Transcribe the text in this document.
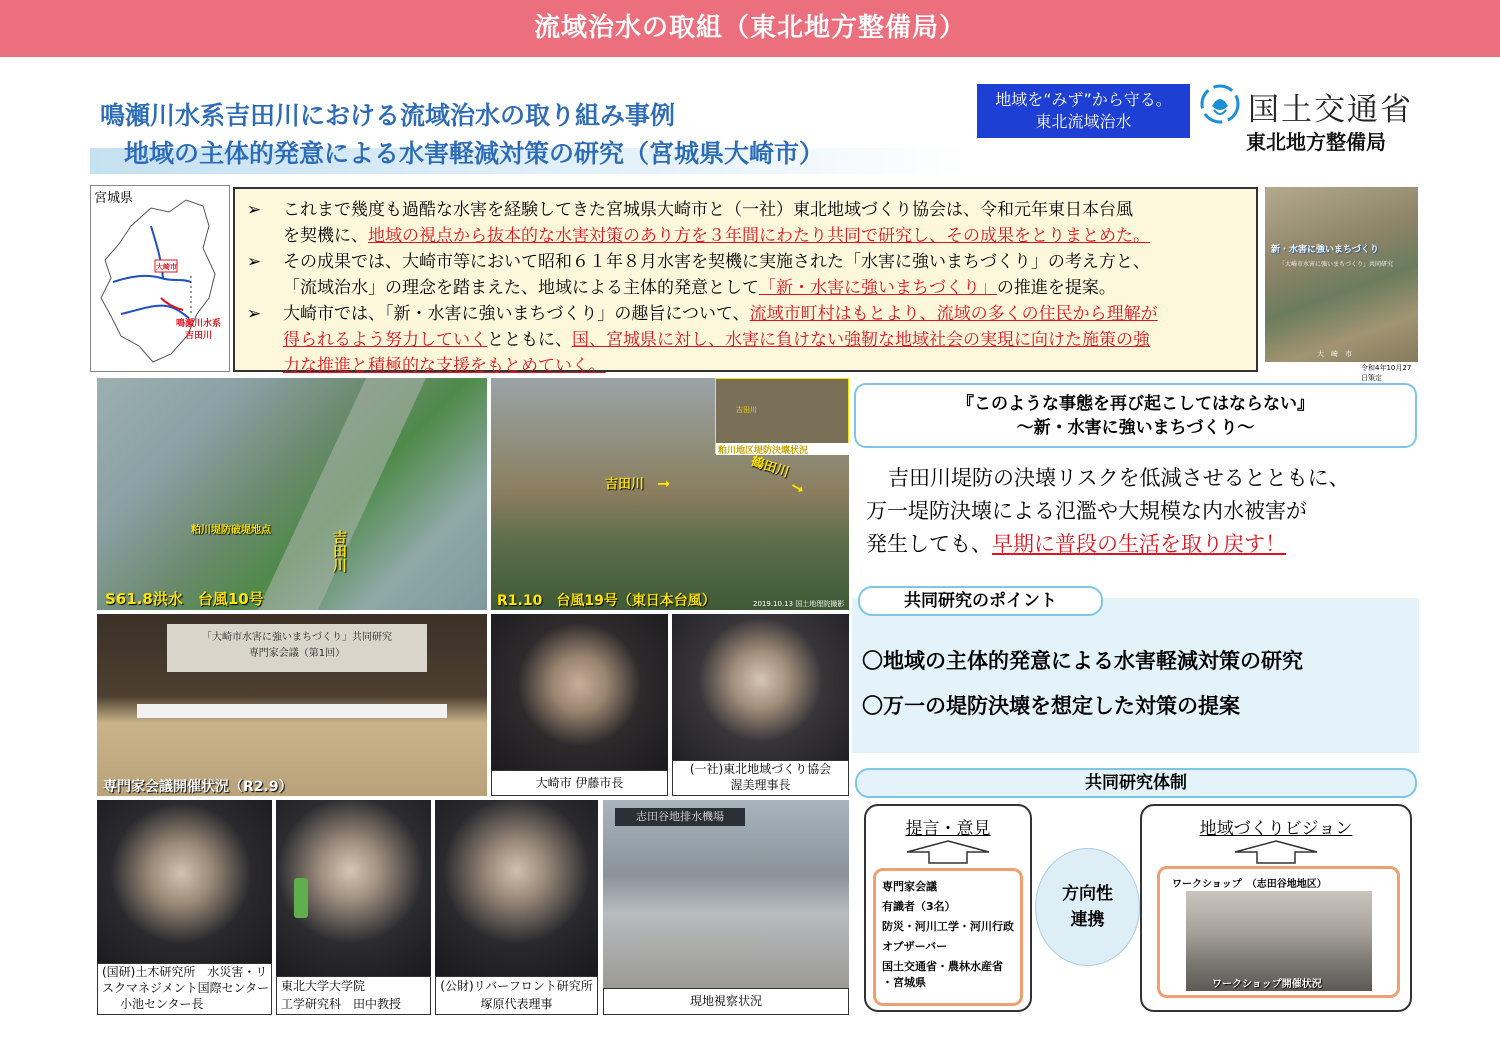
流域治水の取組（東北地方整備局）
鳴瀬川水系吉田川における流域治水の取り組み事例
地域の主体的発意による水害軽減対策の研究（宮城県大崎市）
地域を“みず”から守る。
東北流域治水	国土交通省
東北地方整備局
宮城県
大崎市
鳴瀬川水系
吉田川
➢	これまで幾度も過酷な水害を経験してきた宮城県大崎市と（一社）東北地域づくり協会は、令和元年東日本台風
を契機に、地域の視点から抜本的な水害対策のあり方を３年間にわたり共同で研究し、その成果をとりまとめた。
➢	その成果では、大崎市等において昭和６１年８月水害を契機に実施された「水害に強いまちづくり」の考え方と、
「流域治水」の理念を踏まえた、地域による主体的発意として「新・水害に強いまちづくり」の推進を提案。
➢	大崎市では、「新・水害に強いまちづくり」の趣旨について、流域市町村はもとより、流域の多くの住民から理解が
得られるよう努力していくとともに、国、宮城県に対し、水害に負けない強靭な地域社会の実現に向けた施策の強
力な推進と積極的な支援をもとめていく。
新・水害に強いまちづくり
「大崎市水害に強いまちづくり」共同研究
大　崎　市
令和4年10月27日策定
粕川堤防破堤地点	吉田川
S61.8洪水　台風10号
粕川地区堤防決壊状況
吉田川
吉田川 ➞
鶴田川
➞
R1.10　台風19号（東日本台風）	2019.10.13 国土地理院撮影
「大崎市水害に強いまちづくり」共同研究
専門家会議（第1回）
専門家会議開催状況（R2.9）	大崎市 伊藤市長
(一社)東北地域づくり協会
渥美理事長
(国研)土木研究所　水災害・リ
スクマネジメント国際センター
小池センター長
東北大学大学院
工学研究科　田中教授
(公財)リバーフロント研究所
塚原代表理事
志田谷地排水機場
現地視察状況
『このような事態を再び起こしてはならない』
～新・水害に強いまちづくり～
吉田川堤防の決壊リスクを低減させるとともに、
万一堤防決壊による氾濫や大規模な内水被害が
発生しても、早期に普段の生活を取り戻す！
共同研究のポイント
〇地域の主体的発意による水害軽減対策の研究
〇万一の堤防決壊を想定した対策の提案
共同研究体制
提言・意見
専門家会議
有識者（3名）
防災・河川工学・河川行政
オブザーバー
国土交通省・農林水産省
・宮城県
方向性
連携
地域づくりビジョン
ワークショップ　（志田谷地地区）
ワークショップ開催状況
